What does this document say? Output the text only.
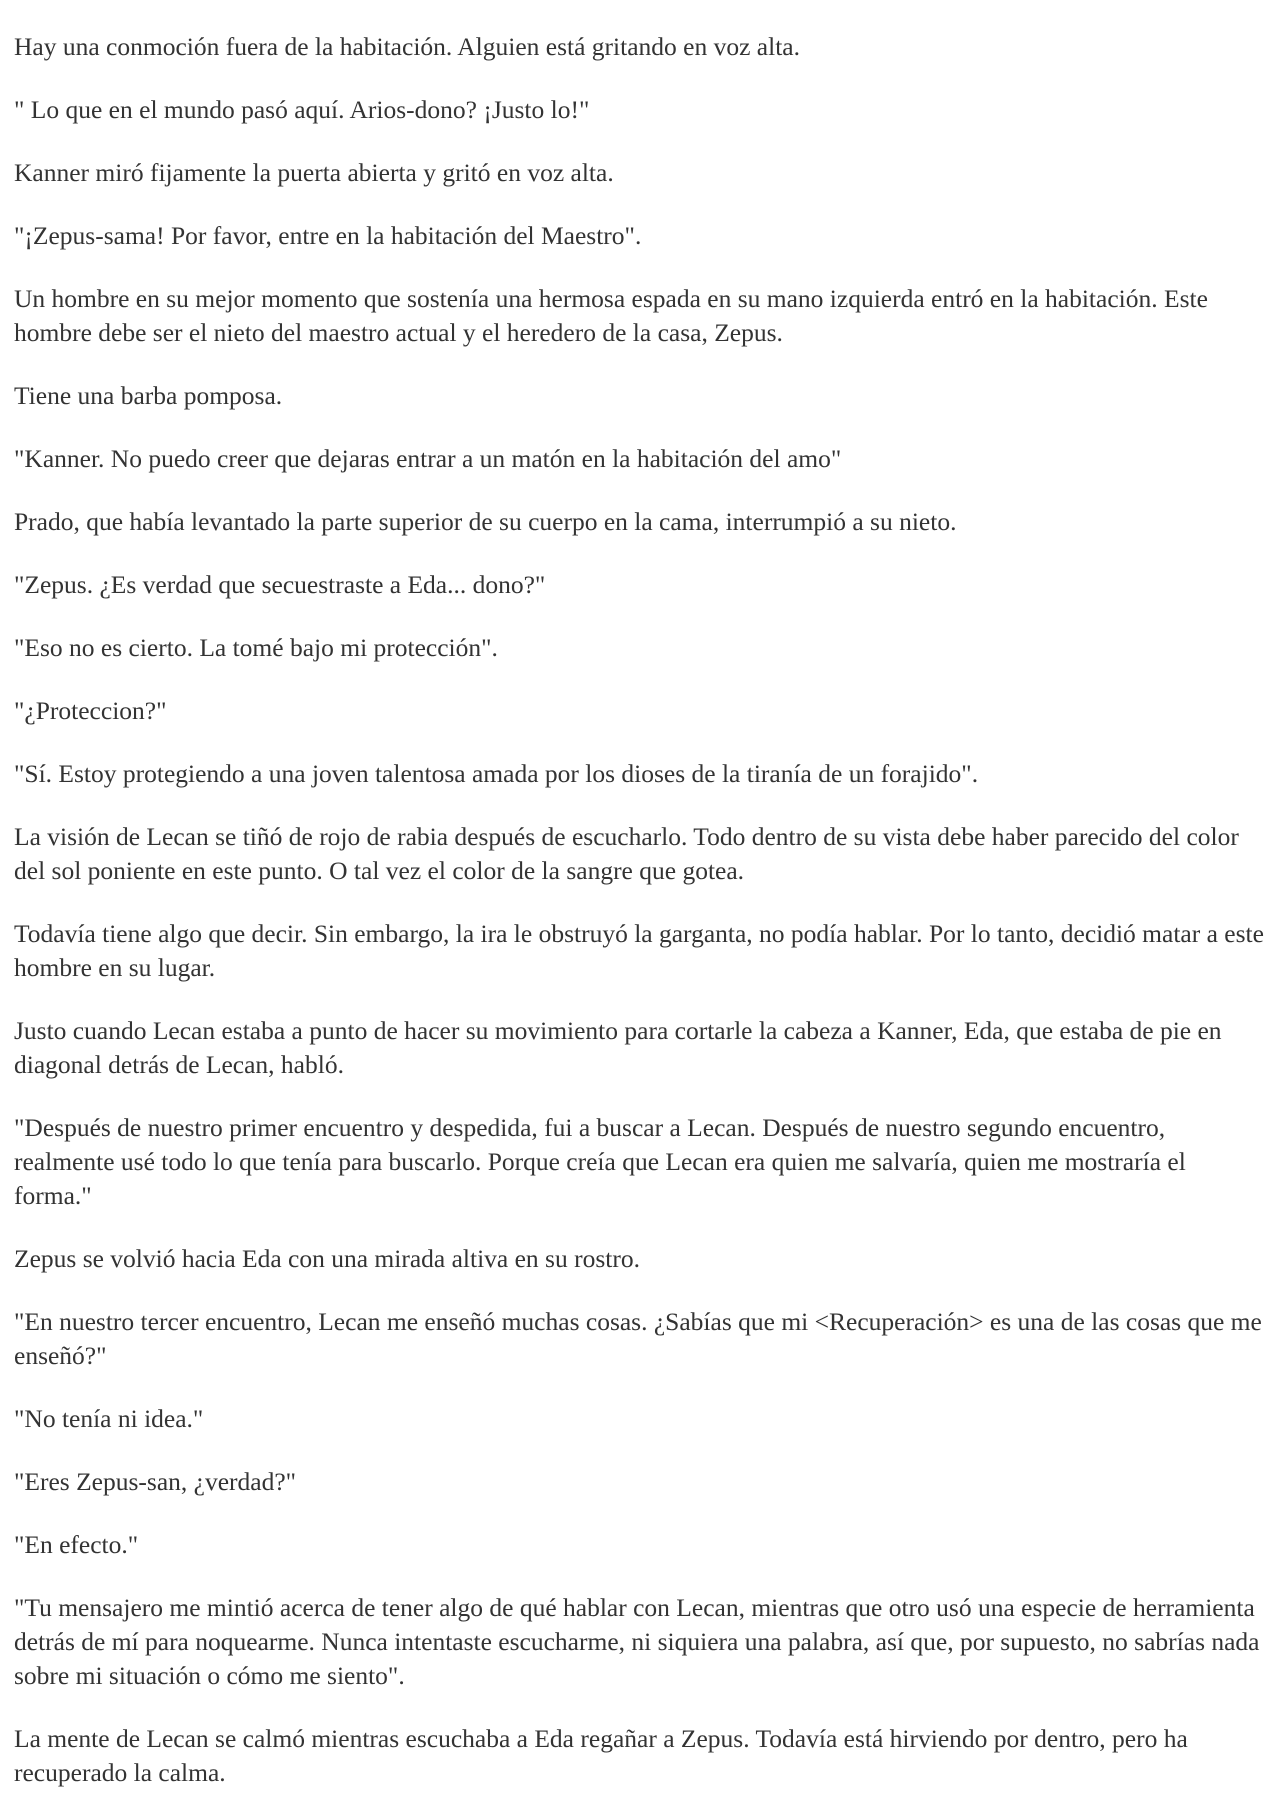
Hay una conmoción fuera de la habitación. Alguien está gritando en voz alta.

" Lo que en el mundo pasó aquí. Arios-dono? ¡Justo lo!"

Kanner miró fijamente la puerta abierta y gritó en voz alta.

"¡Zepus-sama! Por favor, entre en la habitación del Maestro".

Un hombre en su mejor momento que sostenía una hermosa espada en su mano izquierda entró en la habitación. Este hombre debe ser el nieto del maestro actual y el heredero de la casa, Zepus.

Tiene una barba pomposa.

"Kanner. No puedo creer que dejaras entrar a un matón en la habitación del amo"

Prado, que había levantado la parte superior de su cuerpo en la cama, interrumpió a su nieto.

"Zepus. ¿Es verdad que secuestraste a Eda... dono?"

"Eso no es cierto. La tomé bajo mi protección".

"¿Proteccion?"

"Sí. Estoy protegiendo a una joven talentosa amada por los dioses de la tiranía de un forajido".

La visión de Lecan se tiñó de rojo de rabia después de escucharlo. Todo dentro de su vista debe haber parecido del color del sol poniente en este punto. O tal vez el color de la sangre que gotea.

Todavía tiene algo que decir. Sin embargo, la ira le obstruyó la garganta, no podía hablar. Por lo tanto, decidió matar a este hombre en su lugar.

Justo cuando Lecan estaba a punto de hacer su movimiento para cortarle la cabeza a Kanner, Eda, que estaba de pie en diagonal detrás de Lecan, habló.

"Después de nuestro primer encuentro y despedida, fui a buscar a Lecan. Después de nuestro segundo encuentro, realmente usé todo lo que tenía para buscarlo. Porque creía que Lecan era quien me salvaría, quien me mostraría el forma."

Zepus se volvió hacia Eda con una mirada altiva en su rostro.

"En nuestro tercer encuentro, Lecan me enseñó muchas cosas. ¿Sabías que mi <Recuperación> es una de las cosas que me enseñó?"

"No tenía ni idea."

"Eres Zepus-san, ¿verdad?"

"En efecto."

"Tu mensajero me mintió acerca de tener algo de qué hablar con Lecan, mientras que otro usó una especie de herramienta detrás de mí para noquearme. Nunca intentaste escucharme, ni siquiera una palabra, así que, por supuesto, no sabrías nada sobre mi situación o cómo me siento".

La mente de Lecan se calmó mientras escuchaba a Eda regañar a Zepus. Todavía está hirviendo por dentro, pero ha recuperado la calma.
